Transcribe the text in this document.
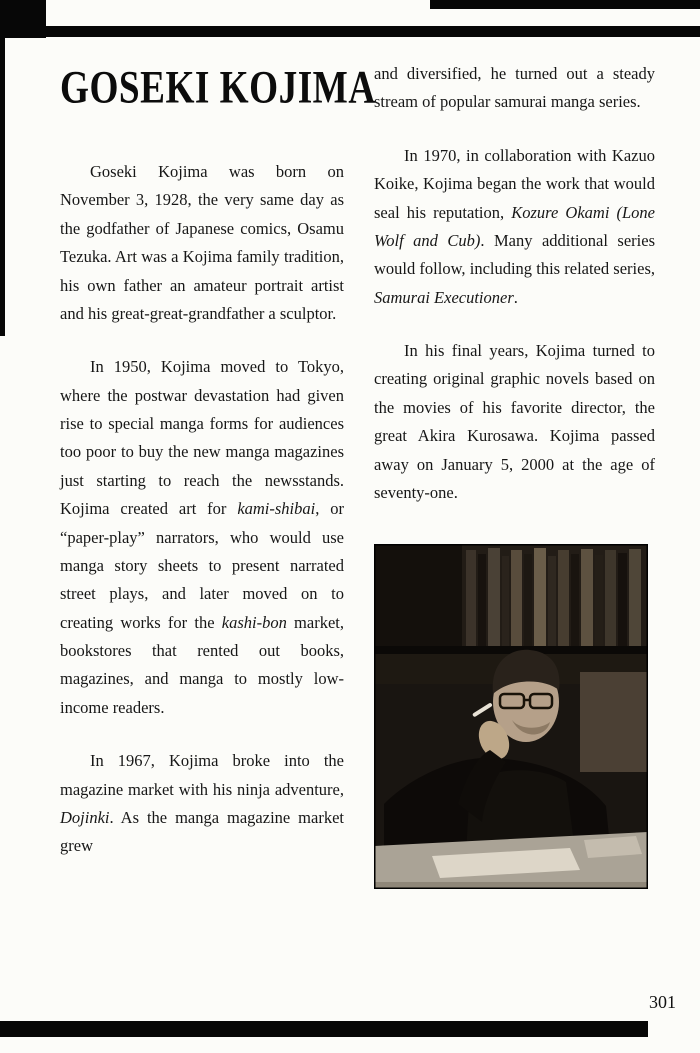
GOSEKI KOJIMA

Goseki Kojima was born on November 3, 1928, the very same day as the godfather of Japanese comics, Osamu Tezuka. Art was a Kojima family tradition, his own father an amateur portrait artist and his great-great-grandfather a sculptor.

In 1950, Kojima moved to Tokyo, where the postwar devastation had given rise to special manga forms for audiences too poor to buy the new manga magazines just starting to reach the newsstands. Kojima created art for kami-shibai, or “paper-play” narrators, who would use manga story sheets to present narrated street plays, and later moved on to creating works for the kashi-bon market, bookstores that rented out books, magazines, and manga to mostly low-income readers.

In 1967, Kojima broke into the magazine market with his ninja adventure, Dojinki. As the manga magazine market grew

and diversified, he turned out a steady stream of popular samurai manga series.

In 1970, in collaboration with Kazuo Koike, Kojima began the work that would seal his reputation, Kozure Okami (Lone Wolf and Cub). Many additional series would follow, including this related series, Samurai Executioner.

In his final years, Kojima turned to creating original graphic novels based on the movies of his favorite director, the great Akira Kurosawa. Kojima passed away on January 5, 2000 at the age of seventy-one.

301
